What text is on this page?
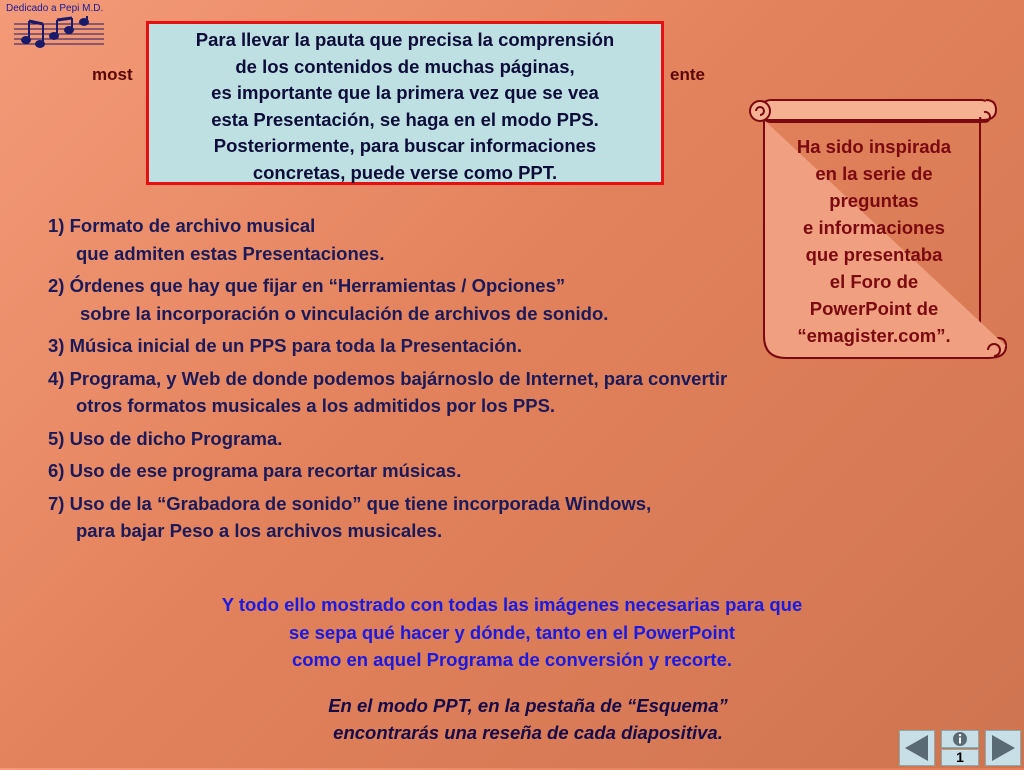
Dedicado a Pepi M.D.
most	ente
Para llevar la pauta que precisa la comprensión
de los contenidos de muchas páginas,
es importante que la primera vez que se vea
esta Presentación, se haga en el modo PPS.
Posteriormente, para buscar informaciones
concretas, puede verse como PPT.
Ha sido inspirada
en la serie de
preguntas
e informaciones
que presentaba
el Foro de
PowerPoint de
“emagister.com”.
1) Formato de archivo musical
que admiten estas Presentaciones.
2) Órdenes que hay que fijar en “Herramientas / Opciones”
sobre la incorporación o vinculación de archivos de sonido.
3) Música inicial de un PPS para toda la Presentación.
4) Programa, y Web de donde podemos bajárnoslo de Internet, para convertir
otros formatos musicales a los admitidos por los PPS.
5) Uso de dicho Programa.
6) Uso de ese programa para recortar músicas.
7) Uso de la “Grabadora de sonido” que tiene incorporada Windows,
para bajar Peso a los archivos musicales.
Y todo ello mostrado con todas las imágenes necesarias para que
se sepa qué hacer y dónde, tanto en el PowerPoint
como en aquel Programa de conversión y recorte.
En el modo PPT, en la pestaña de “Esquema”
encontrarás una reseña de cada diapositiva.
1
